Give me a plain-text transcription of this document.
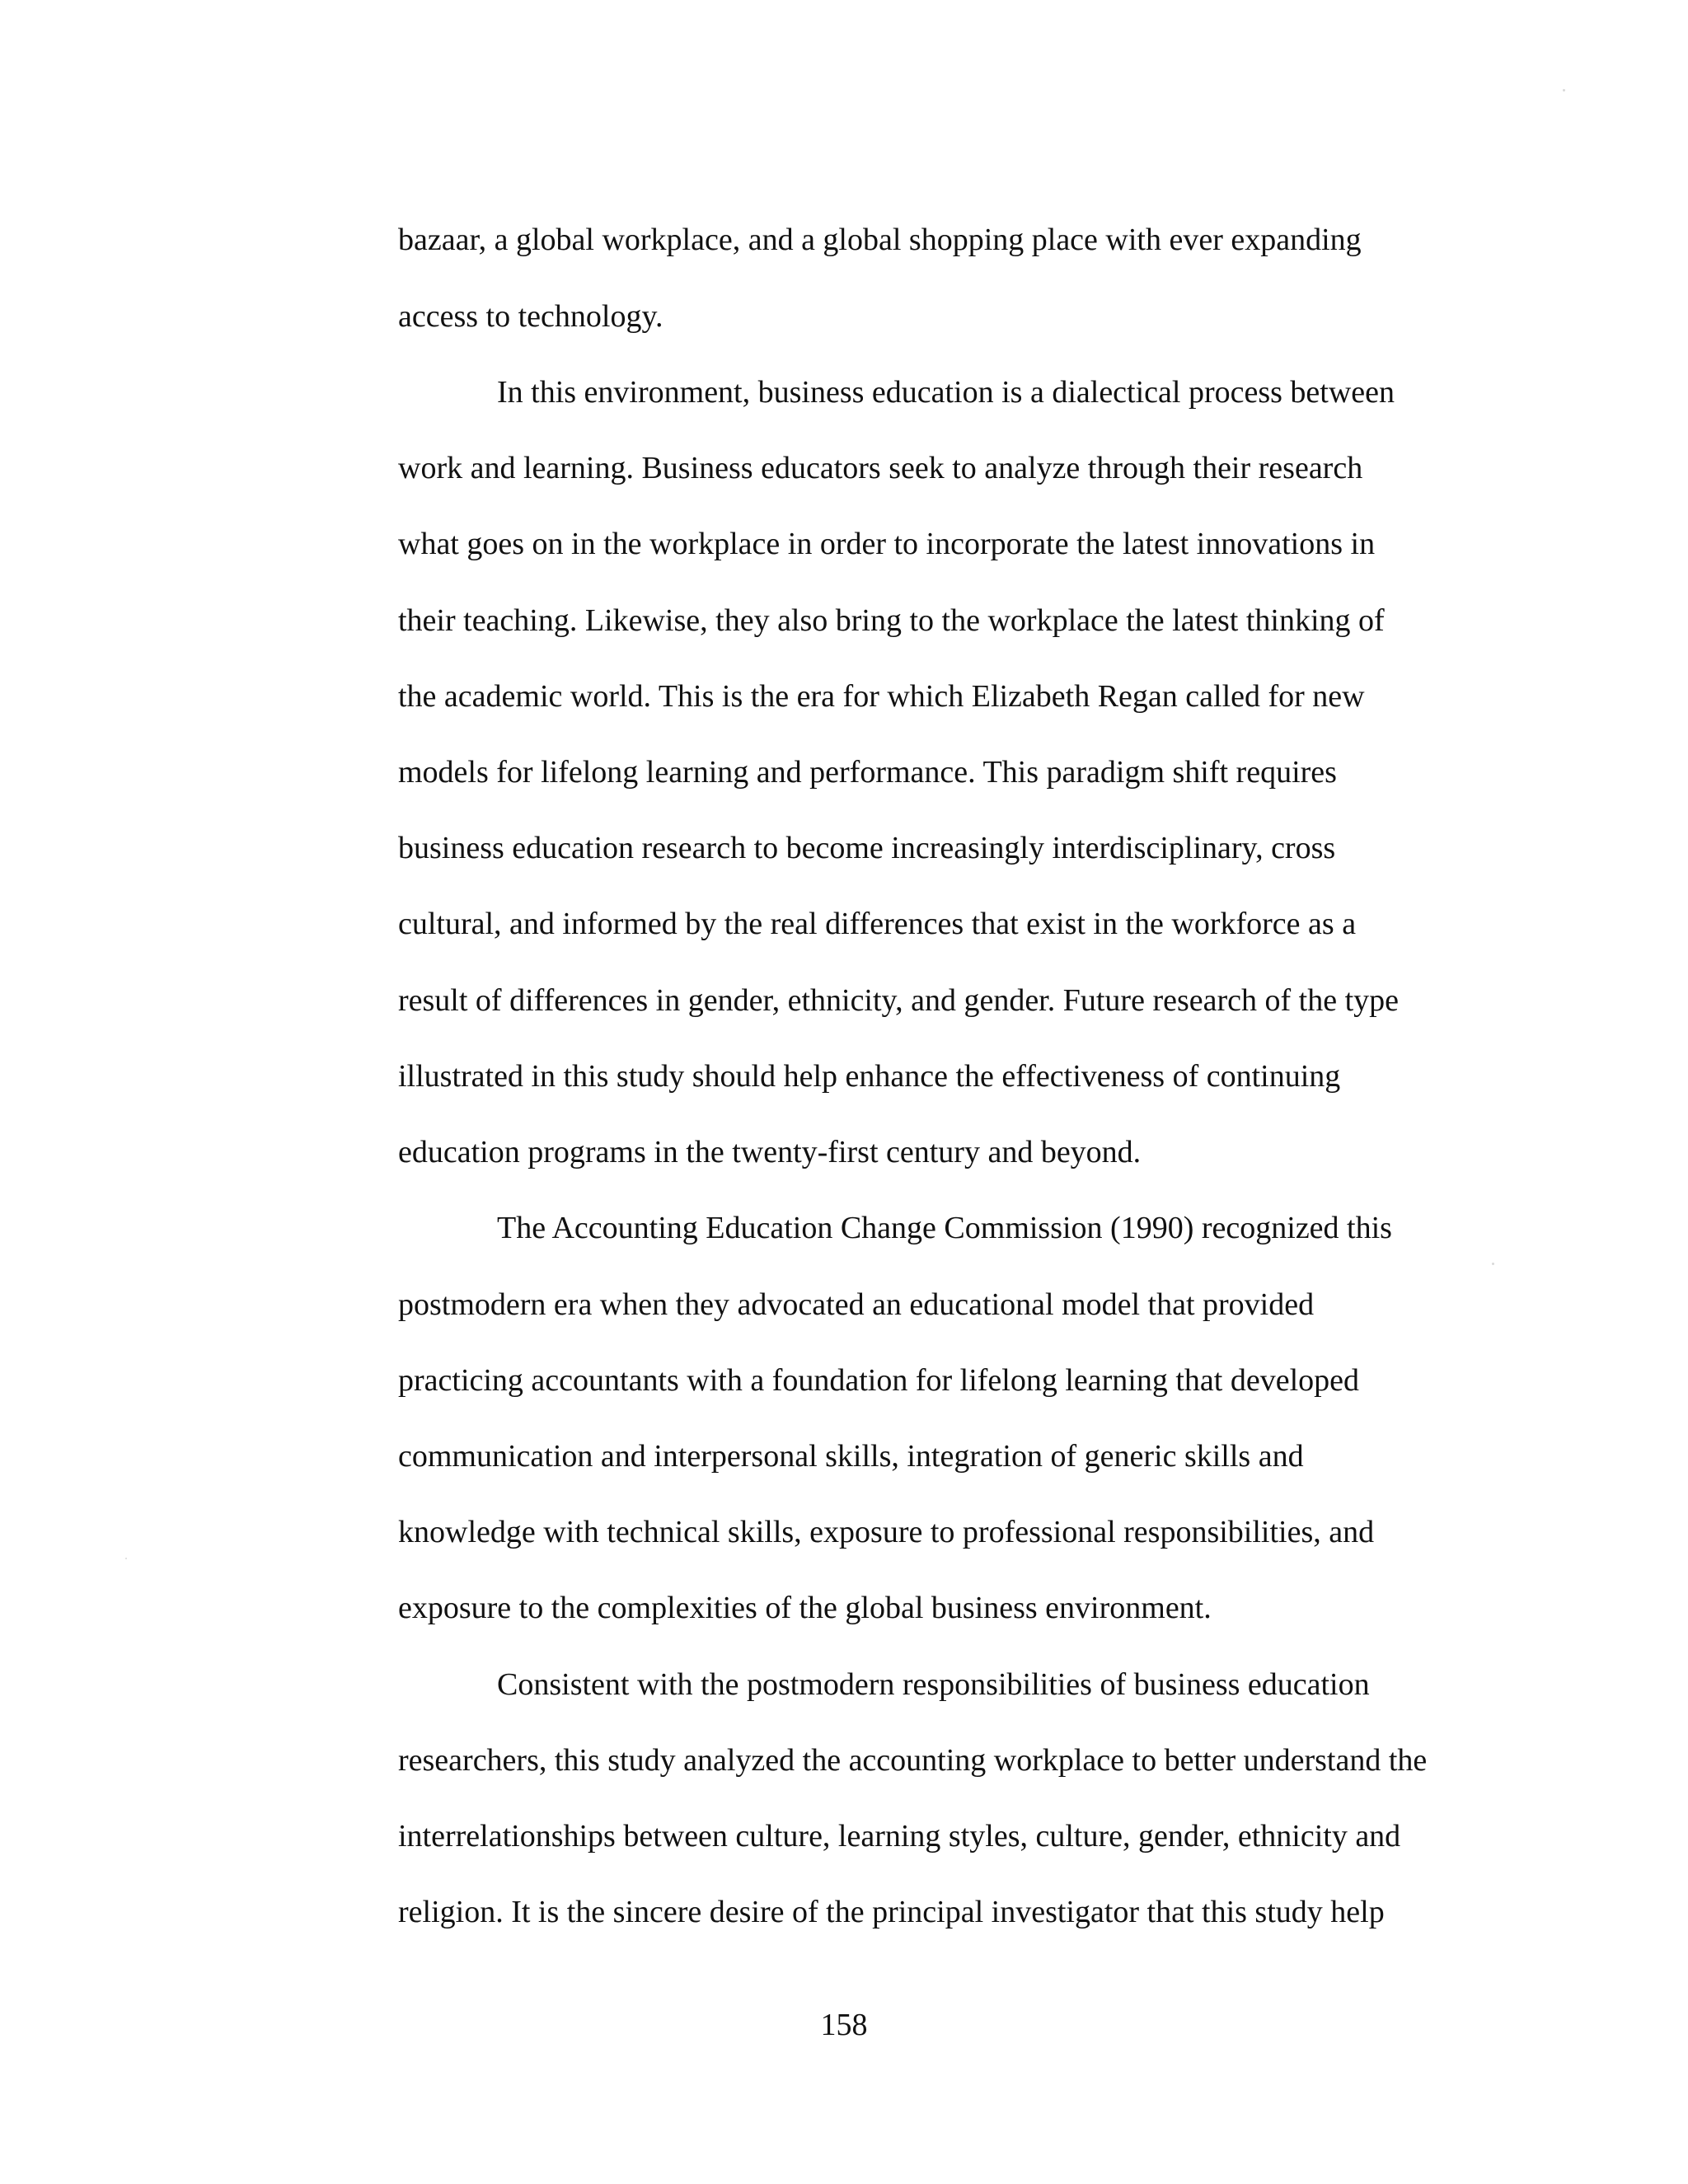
bazaar, a global workplace, and a global shopping place with ever expanding

access to technology.

In this environment, business education is a dialectical process between

work and learning. Business educators seek to analyze through their research

what goes on in the workplace in order to incorporate the latest innovations in

their teaching. Likewise, they also bring to the workplace the latest thinking of

the academic world. This is the era for which Elizabeth Regan called for new

models for lifelong learning and performance. This paradigm shift requires

business education research to become increasingly interdisciplinary, cross

cultural, and informed by the real differences that exist in the workforce as a

result of differences in gender, ethnicity, and gender. Future research of the type

illustrated in this study should help enhance the effectiveness of continuing

education programs in the twenty-first century and beyond.

The Accounting Education Change Commission (1990) recognized this

postmodern era when they advocated an educational model that provided

practicing accountants with a foundation for lifelong learning that developed

communication and interpersonal skills, integration of generic skills and

knowledge with technical skills, exposure to professional responsibilities, and

exposure to the complexities of the global business environment.

Consistent with the postmodern responsibilities of business education

researchers, this study analyzed the accounting workplace to better understand the

interrelationships between culture, learning styles, culture, gender, ethnicity and

religion. It is the sincere desire of the principal investigator that this study help

158
